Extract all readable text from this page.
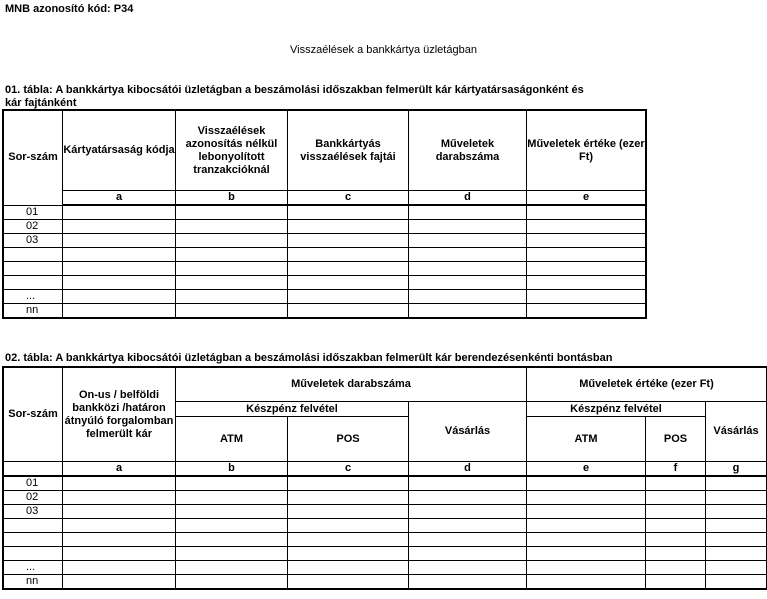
MNB azonosító kód: P34
Visszaélések a bankkártya üzletágban
01. tábla: A bankkártya kibocsátói üzletágban a beszámolási időszakban felmerült kár kártyatársaságonként és
kár fajtánként
Sor-szám	Kártyatársaság kódja	Visszaélések azonosítás nélkül lebonyolított tranzakcióknál	Bankkártyás visszaélések fajtái	Műveletek darabszáma	Műveletek értéke (ezer Ft)
	a	b	c	d	e
01					
02					
03					

...					
nn					
02. tábla: A bankkártya kibocsátói üzletágban a beszámolási időszakban felmerült kár berendezésenkénti bontásban
Sor-szám	On-us / belföldi bankközi /határon átnyúló forgalomban felmerült kár	Műveletek darabszáma			Műveletek értéke (ezer Ft)		
		Készpénz felvétel		Vásárlás	Készpénz felvétel		Vásárlás
		ATM	POS		ATM	POS	
	a	b	c	d	e	f	g
01							
02							
03							

...							
nn							
